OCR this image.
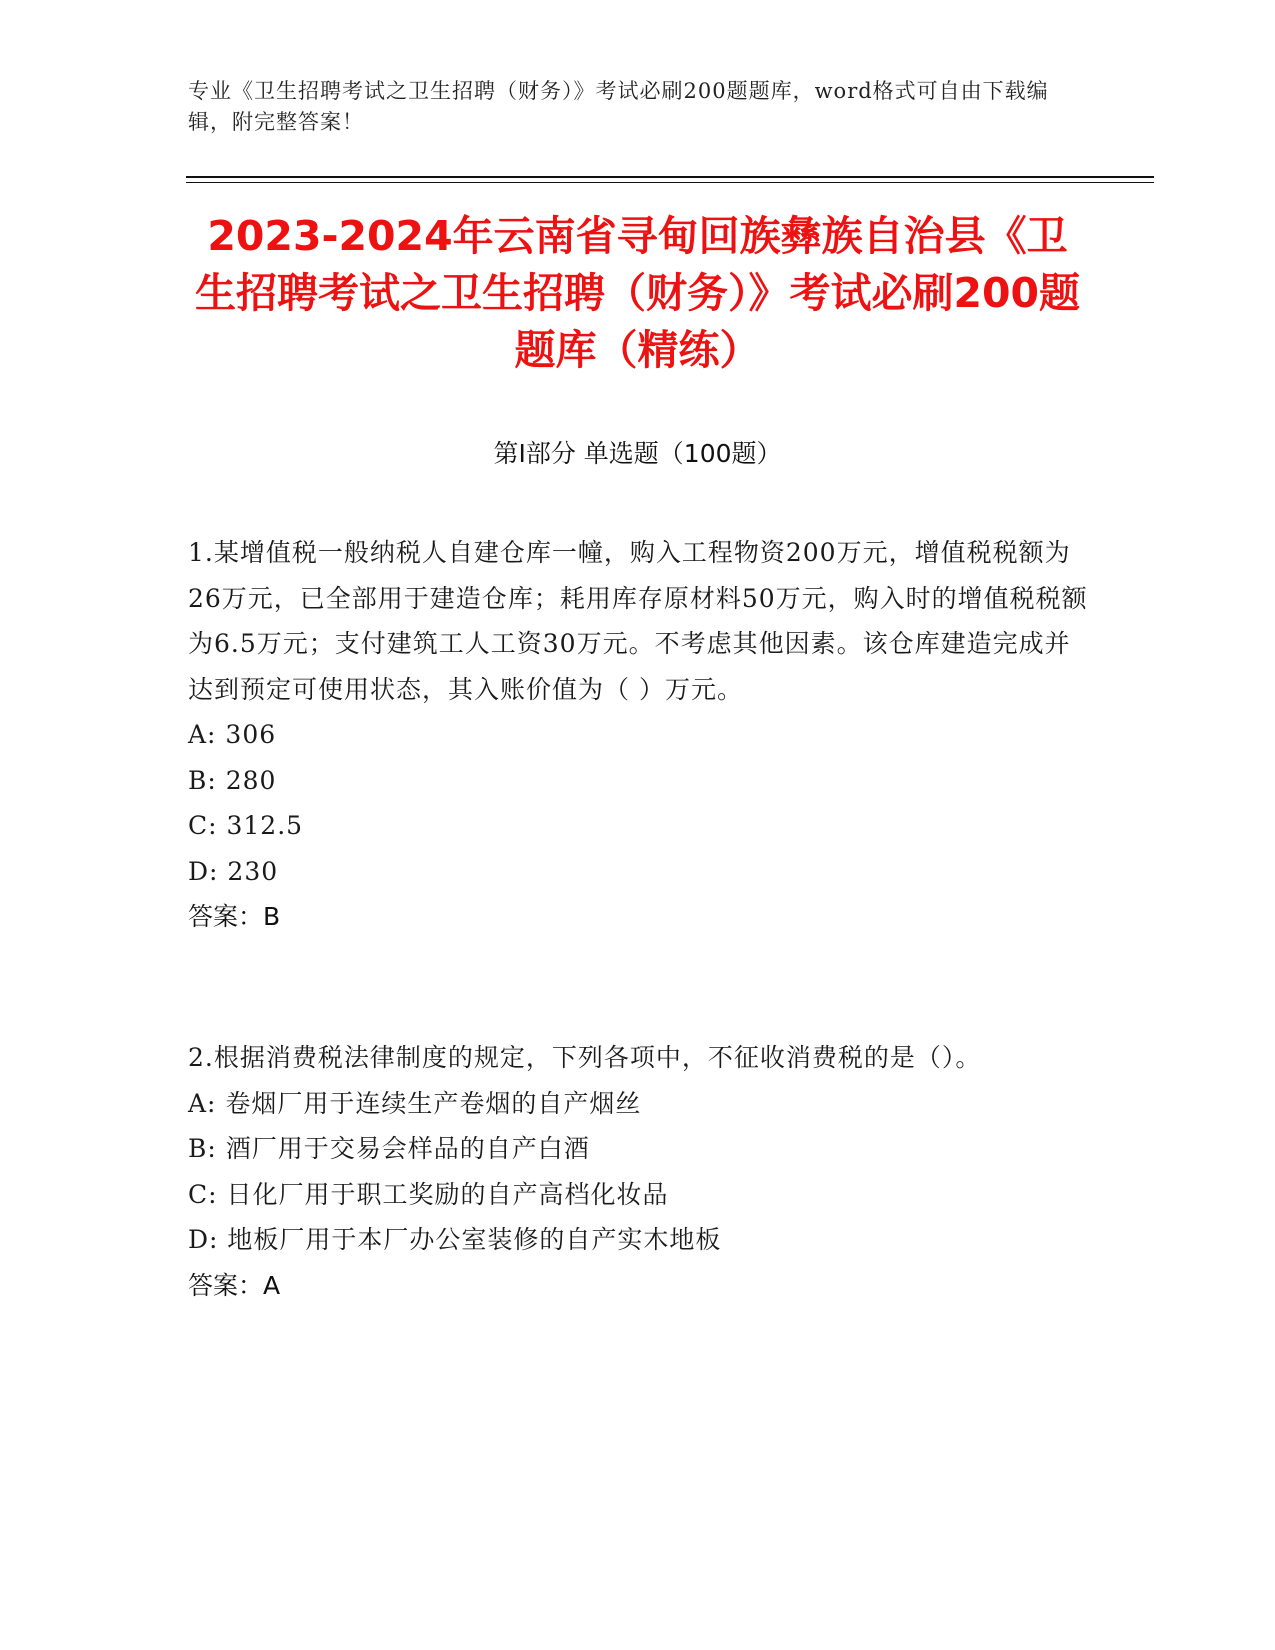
专业《卫生招聘考试之卫生招聘（财务）》考试必刷200题题库，word格式可自由下载编辑，附完整答案！
2023-2024年云南省寻甸回族彝族自治县《卫生招聘考试之卫生招聘（财务）》考试必刷200题题库（精练）
第Ⅰ部分 单选题（100题）

1.某增值税一般纳税人自建仓库一幢，购入工程物资200万元，增值税税额为26万元，已全部用于建造仓库；耗用库存原材料50万元，购入时的增值税税额为6.5万元；支付建筑工人工资30万元。不考虑其他因素。该仓库建造完成并达到预定可使用状态，其入账价值为（ ）万元。

A: 306

B: 280

C: 312.5

D: 230

答案：B

2.根据消费税法律制度的规定，下列各项中，不征收消费税的是（）。

A: 卷烟厂用于连续生产卷烟的自产烟丝

B: 酒厂用于交易会样品的自产白酒

C: 日化厂用于职工奖励的自产高档化妆品

D: 地板厂用于本厂办公室装修的自产实木地板

答案：A
